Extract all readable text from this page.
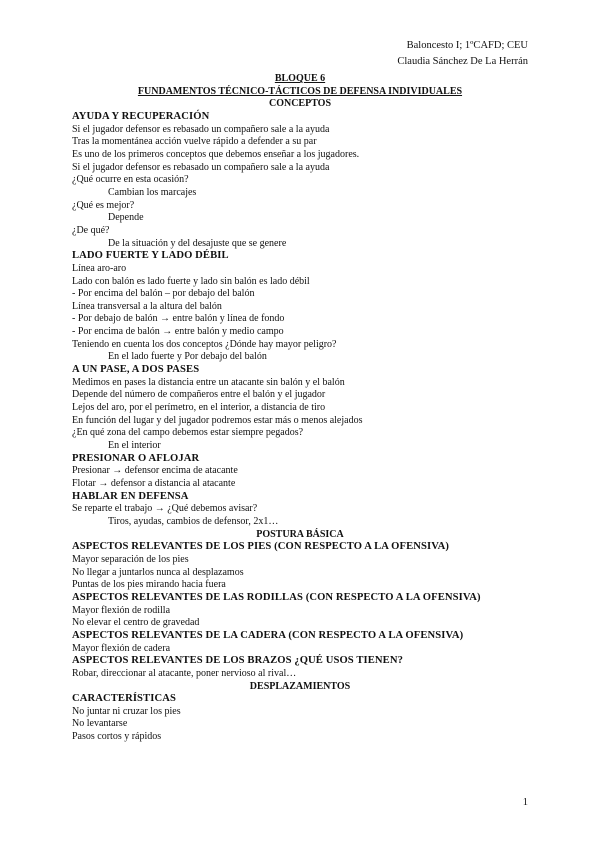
Baloncesto I; 1ºCAFD; CEU
Claudia Sánchez De La Herrán
BLOQUE 6
FUNDAMENTOS TÉCNICO-TÁCTICOS DE DEFENSA INDIVIDUALES
CONCEPTOS
AYUDA Y RECUPERACIÓN
Si el jugador defensor es rebasado un compañero sale a la ayuda
Tras la momentánea acción vuelve rápido a defender a su par
Es uno de los primeros conceptos que debemos enseñar a los jugadores.
Si el jugador defensor es rebasado un compañero sale a la ayuda
¿Qué ocurre en esta ocasión?
Cambian los marcajes
¿Qué es mejor?
Depende
¿De qué?
De la situación y del desajuste que se genere
LADO FUERTE Y LADO DÉBIL
Línea aro-aro
Lado con balón es lado fuerte y lado sin balón es lado débil
- Por encima del balón – por debajo del balón
Línea transversal a la altura del balón
- Por debajo de balón → entre balón y línea de fondo
- Por encima de balón → entre balón y medio campo
Teniendo en cuenta los dos conceptos ¿Dónde hay mayor peligro?
En el lado fuerte y Por debajo del balón
A UN PASE, A DOS PASES
Medimos en pases la distancia entre un atacante sin balón y el balón
Depende del número de compañeros entre el balón y el jugador
Lejos del aro, por el perímetro, en el interior, a distancia de tiro
En función del lugar y del jugador podremos estar más o menos alejados
¿En qué zona del campo debemos estar siempre pegados?
En el interior
PRESIONAR O AFLOJAR
Presionar → defensor encima de atacante
Flotar → defensor a distancia al atacante
HABLAR EN DEFENSA
Se reparte el trabajo → ¿Qué debemos avisar?
Tiros, ayudas, cambios de defensor, 2x1…
POSTURA BÁSICA
ASPECTOS RELEVANTES DE LOS PIES (CON RESPECTO A LA OFENSIVA)
Mayor separación de los pies
No llegar a juntarlos nunca al desplazamos
Puntas de los pies mirando hacia fuera
ASPECTOS RELEVANTES DE LAS RODILLAS (CON RESPECTO A LA OFENSIVA)
Mayor flexión de rodilla
No elevar el centro de gravedad
ASPECTOS RELEVANTES DE LA CADERA (CON RESPECTO A LA OFENSIVA)
Mayor flexión de cadera
ASPECTOS RELEVANTES DE LOS BRAZOS ¿QUÉ USOS TIENEN?
Robar, direccionar al atacante, poner nervioso al rival…
DESPLAZAMIENTOS
CARACTERÍSTICAS
No juntar ni cruzar los pies
No levantarse
Pasos cortos y rápidos
1
